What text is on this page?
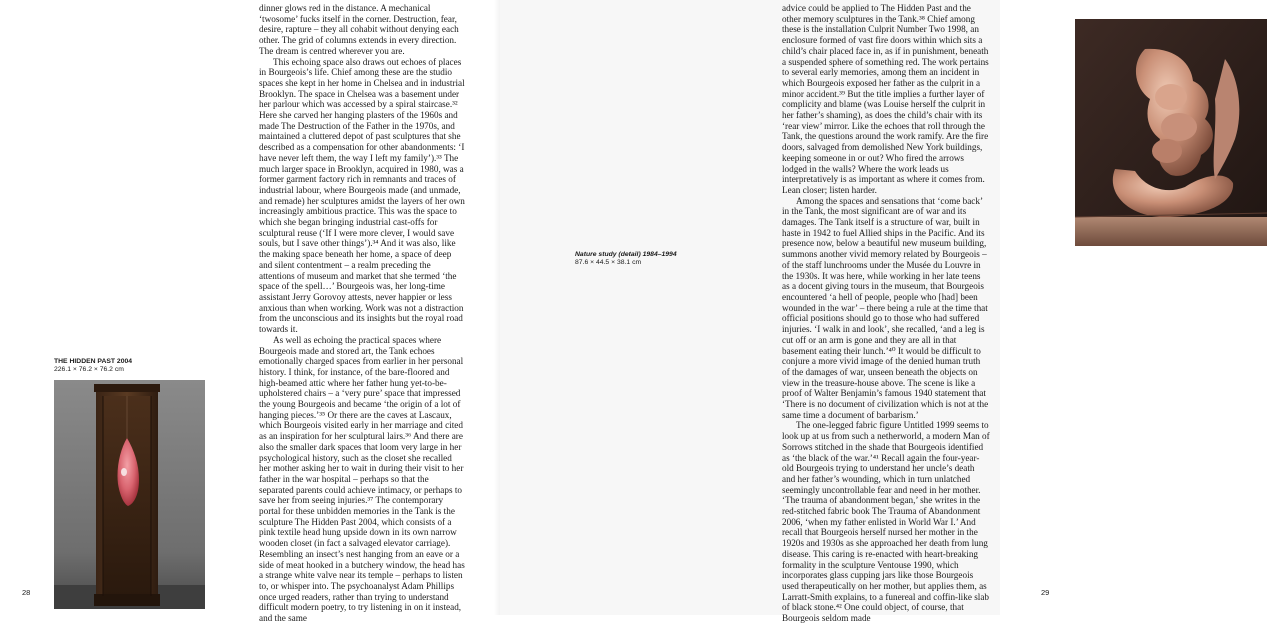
dinner glows red in the distance. A mechanical ‘twosome’ fucks itself in the corner. Destruction, fear, desire, rapture – they all cohabit without denying each other. The grid of columns extends in every direction. The dream is centred wherever you are.

This echoing space also draws out echoes of places in Bourgeois’s life. Chief among these are the studio spaces she kept in her home in Chelsea and in industrial Brooklyn. The space in Chelsea was a basement under her parlour which was accessed by a spiral staircase.³² Here she carved her hanging plasters of the 1960s and made The Destruction of the Father in the 1970s, and maintained a cluttered depot of past sculptures that she described as a compensation for other abandonments: ‘I have never left them, the way I left my family’).³³ The much larger space in Brooklyn, acquired in 1980, was a former garment factory rich in remnants and traces of industrial labour, where Bourgeois made (and unmade, and remade) her sculptures amidst the layers of her own increasingly ambitious practice. This was the space to which she began bringing industrial cast-offs for sculptural reuse (‘If I were more clever, I would save souls, but I save other things’).³⁴ And it was also, like the making space beneath her home, a space of deep and silent contentment – a realm preceding the attentions of museum and market that she termed ‘the space of the spell…’ Bourgeois was, her long-time assistant Jerry Gorovoy attests, never happier or less anxious than when working. Work was not a distraction from the unconscious and its insights but the royal road towards it.

As well as echoing the practical spaces where Bourgeois made and stored art, the Tank echoes emotionally charged spaces from earlier in her personal history. I think, for instance, of the bare-floored and high-beamed attic where her father hung yet-to-be-upholstered chairs – a ‘very pure’ space that impressed the young Bourgeois and became ‘the origin of a lot of hanging pieces.’³⁵ Or there are the caves at Lascaux, which Bourgeois visited early in her marriage and cited as an inspiration for her sculptural lairs.³⁶ And there are also the smaller dark spaces that loom very large in her psychological history, such as the closet she recalled her mother asking her to wait in during their visit to her father in the war hospital – perhaps so that the separated parents could achieve intimacy, or perhaps to save her from seeing injuries.³⁷ The contemporary portal for these unbidden memories in the Tank is the sculpture The Hidden Past 2004, which consists of a pink textile head hung upside down in its own narrow wooden closet (in fact a salvaged elevator carriage). Resembling an insect’s nest hanging from an eave or a side of meat hooked in a butchery window, the head has a strange white valve near its temple – perhaps to listen to, or whisper into. The psychoanalyst Adam Phillips once urged readers, rather than trying to understand difficult modern poetry, to try listening in on it instead, and the same

THE HIDDEN PAST 2004
226.1 × 76.2 × 76.2 cm
28	29
Nature study (detail) 1984–1994
87.6 × 44.5 × 38.1 cm

advice could be applied to The Hidden Past and the other memory sculptures in the Tank.³⁸ Chief among these is the installation Culprit Number Two 1998, an enclosure formed of vast fire doors within which sits a child’s chair placed face in, as if in punishment, beneath a suspended sphere of something red. The work pertains to several early memories, among them an incident in which Bourgeois exposed her father as the culprit in a minor accident.³⁹ But the title implies a further layer of complicity and blame (was Louise herself the culprit in her father’s shaming), as does the child’s chair with its ‘rear view’ mirror. Like the echoes that roll through the Tank, the questions around the work ramify. Are the fire doors, salvaged from demolished New York buildings, keeping someone in or out? Who fired the arrows lodged in the walls? Where the work leads us interpretatively is as important as where it comes from. Lean closer; listen harder.

Among the spaces and sensations that ‘come back’ in the Tank, the most significant are of war and its damages. The Tank itself is a structure of war, built in haste in 1942 to fuel Allied ships in the Pacific. And its presence now, below a beautiful new museum building, summons another vivid memory related by Bourgeois – of the staff lunchrooms under the Musée du Louvre in the 1930s. It was here, while working in her late teens as a docent giving tours in the museum, that Bourgeois encountered ‘a hell of people, people who [had] been wounded in the war’ – there being a rule at the time that official positions should go to those who had suffered injuries. ‘I walk in and look’, she recalled, ‘and a leg is cut off or an arm is gone and they are all in that basement eating their lunch.’⁴⁰ It would be difficult to conjure a more vivid image of the denied human truth of the damages of war, unseen beneath the objects on view in the treasure-house above. The scene is like a proof of Walter Benjamin’s famous 1940 statement that ‘There is no document of civilization which is not at the same time a document of barbarism.’

The one-legged fabric figure Untitled 1999 seems to look up at us from such a netherworld, a modern Man of Sorrows stitched in the shade that Bourgeois identified as ‘the black of the war.’⁴¹ Recall again the four-year-old Bourgeois trying to understand her uncle’s death and her father’s wounding, which in turn unlatched seemingly uncontrollable fear and need in her mother. ‘The trauma of abandonment began,’ she writes in the red-stitched fabric book The Trauma of Abandonment 2006, ‘when my father enlisted in World War I.’ And recall that Bourgeois herself nursed her mother in the 1920s and 1930s as she approached her death from lung disease. This caring is re-enacted with heart-breaking formality in the sculpture Ventouse 1990, which incorporates glass cupping jars like those Bourgeois used therapeutically on her mother, but applies them, as Larratt-Smith explains, to a funereal and coffin-like slab of black stone.⁴² One could object, of course, that Bourgeois seldom made
